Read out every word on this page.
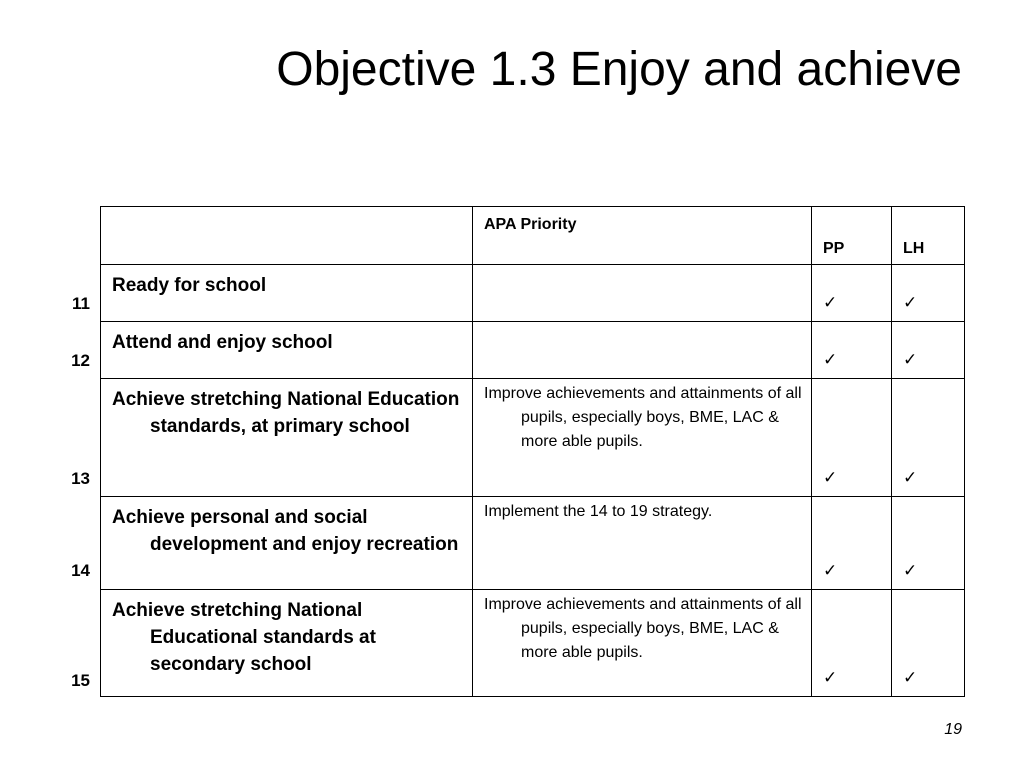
Objective 1.3 Enjoy and achieve
11
12
13
14
15

	APA Priority	PP	LH

Ready for school		✓	✓

Attend and enjoy school		✓	✓

Achieve stretching National Education standards, at primary school	Improve achievements and attainments of all pupils, especially boys, BME, LAC & more able pupils.	✓	✓

Achieve personal and social development and enjoy recreation	Implement the 14 to 19 strategy.	✓	✓

Achieve stretching National Educational standards at secondary school	Improve achievements and attainments of all pupils, especially boys, BME, LAC & more able pupils.	✓	✓
19
